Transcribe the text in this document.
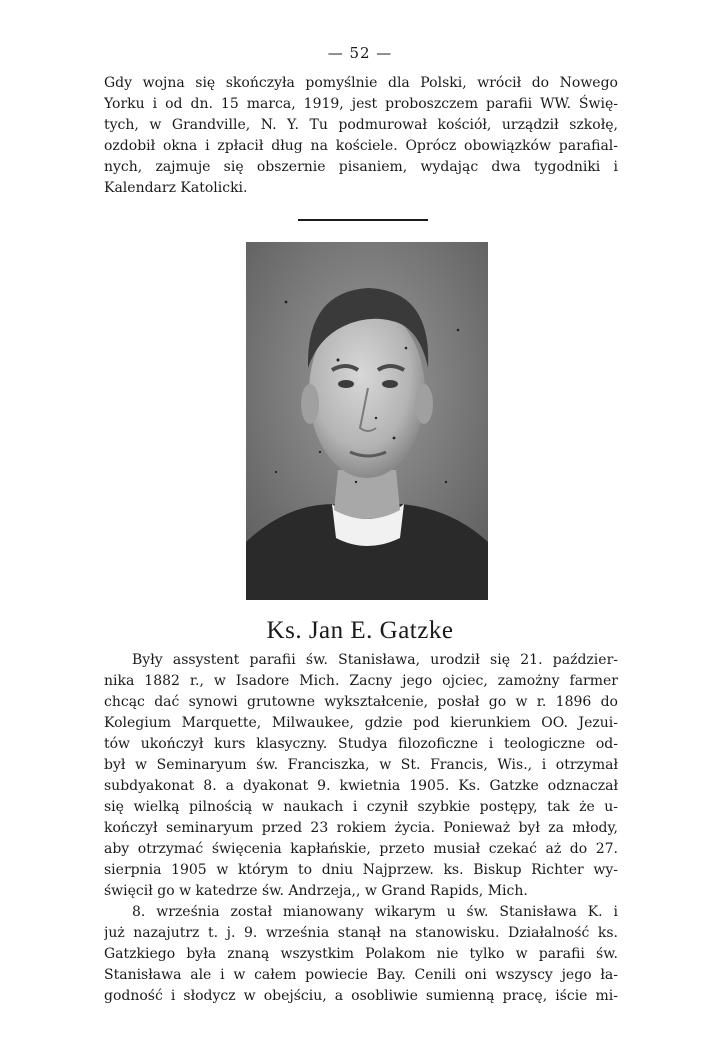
— 52 —

Gdy wojna się skończyła pomyślnie dla Polski, wrócił do Nowego
Yorku i od dn. 15 marca, 1919, jest proboszczem parafii WW. Świę-
tych, w Grandville, N. Y. Tu podmurował kościół, urządził szkołę,
ozdobił okna i zpłacił dług na kościele. Oprócz obowiązków parafial-
nych, zajmuje się obszernie pisaniem, wydając dwa tygodniki i
Kalendarz Katolicki.

Ks. Jan E. Gatzke

Były assystent parafii św. Stanisława, urodził się 21. paździer-
nika 1882 r., w Isadore Mich. Zacny jego ojciec, zamożny farmer
chcąc dać synowi grutowne wykształcenie, posłał go w r. 1896 do
Kolegium Marquette, Milwaukee, gdzie pod kierunkiem OO. Jezui-
tów ukończył kurs klasyczny. Studya filozoficzne i teologiczne od-
był w Seminaryum św. Franciszka, w St. Francis, Wis., i otrzymał
subdyakonat 8. a dyakonat 9. kwietnia 1905. Ks. Gatzke odznaczał
się wielką pilnością w naukach i czynił szybkie postępy, tak że u-
kończył seminaryum przed 23 rokiem życia. Ponieważ był za młody,
aby otrzymać święcenia kapłańskie, przeto musiał czekać aż do 27.
sierpnia 1905 w którym to dniu Najprzew. ks. Biskup Richter wy-
święcił go w katedrze św. Andrzeja,, w Grand Rapids, Mich.
8. września został mianowany wikarym u św. Stanisława K. i
już nazajutrz t. j. 9. września stanął na stanowisku. Działalność ks.
Gatzkiego była znaną wszystkim Polakom nie tylko w parafii św.
Stanisława ale i w całem powiecie Bay. Cenili oni wszyscy jego ła-
godność i słodycz w obejściu, a osobliwie sumienną pracę, iście mi-
